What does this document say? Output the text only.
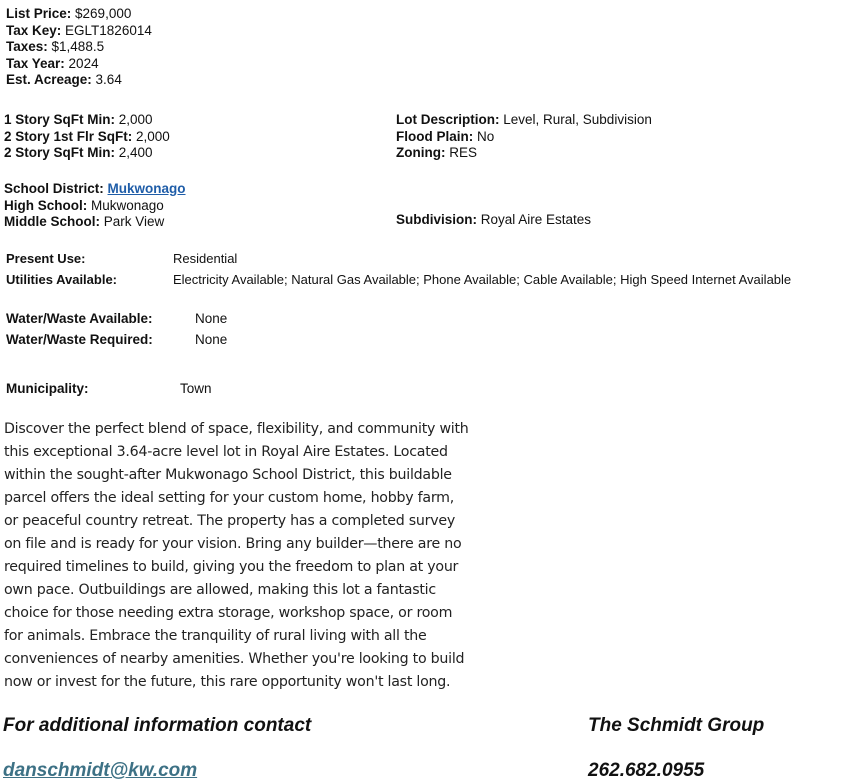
List Price: $269,000
Tax Key: EGLT1826014
Taxes: $1,488.5
Tax Year: 2024
Est. Acreage: 3.64
1 Story SqFt Min: 2,000
2 Story 1st Flr SqFt: 2,000
2 Story SqFt Min: 2,400
Lot Description: Level, Rural, Subdivision
Flood Plain: No
Zoning: RES
School District: Mukwonago
High School: Mukwonago
Middle School: Park View	Subdivision: Royal Aire Estates
Present Use:	Residential
Utilities Available:	Electricity Available; Natural Gas Available; Phone Available; Cable Available; High Speed Internet Available
Water/Waste Available:	None
Water/Waste Required:	None
Municipality:	Town
Discover the perfect blend of space, flexibility, and community with
this exceptional 3.64-acre level lot in Royal Aire Estates. Located
within the sought-after Mukwonago School District, this buildable
parcel offers the ideal setting for your custom home, hobby farm,
or peaceful country retreat. The property has a completed survey
on file and is ready for your vision. Bring any builder—there are no
required timelines to build, giving you the freedom to plan at your
own pace. Outbuildings are allowed, making this lot a fantastic
choice for those needing extra storage, workshop space, or room
for animals. Embrace the tranquility of rural living with all the
conveniences of nearby amenities. Whether you're looking to build
now or invest for the future, this rare opportunity won't last long.
For additional information contact	The Schmidt Group
danschmidt@kw.com	262.682.0955
